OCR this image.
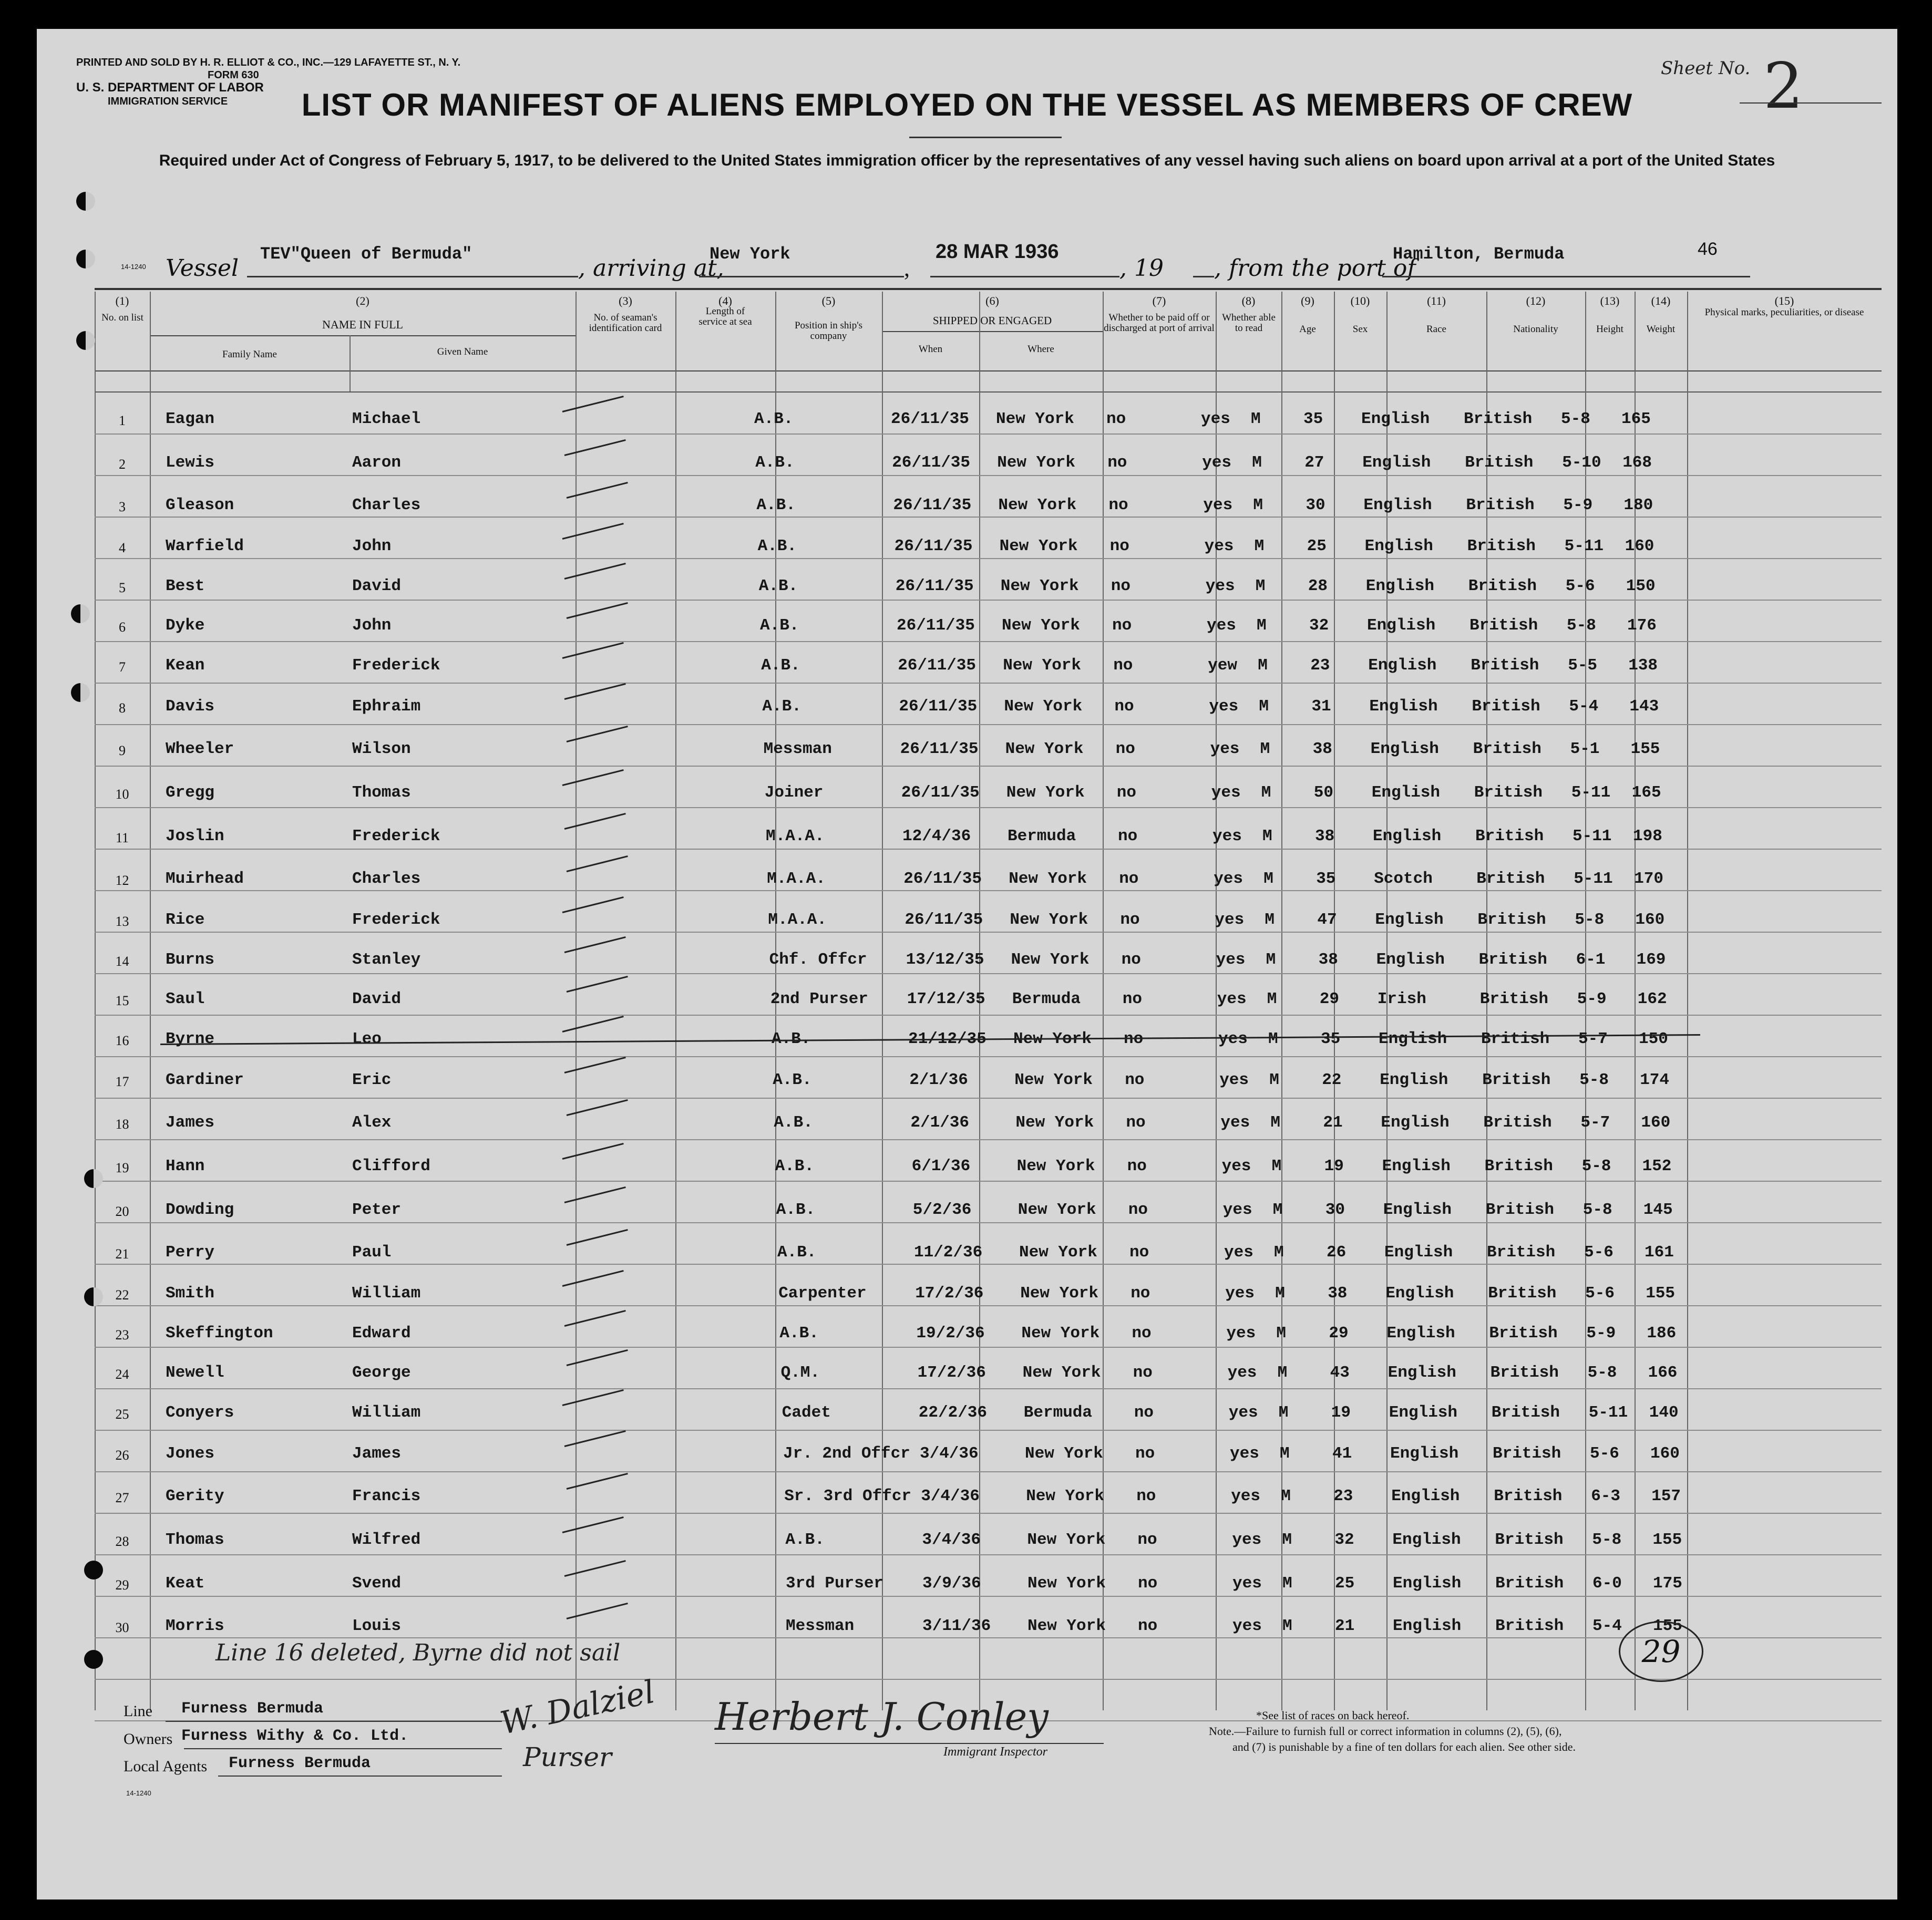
PRINTED AND SOLD BY H. R. ELLIOT & CO., INC.—129 LAFAYETTE ST., N. Y.
FORM 630
U. S. DEPARTMENT OF LABOR
IMMIGRATION SERVICE
Sheet No. 2
LIST OR MANIFEST OF ALIENS EMPLOYED ON THE VESSEL AS MEMBERS OF CREW
Required under Act of Congress of February 5, 1917, to be delivered to the United States immigration officer by the representatives of any vessel having such aliens on board upon arrival at a port of the United States
Vessel
TEV"Queen of Bermuda"
, arriving at,
New York
,
28 MAR 1936
, 19 , from the port of
Hamilton, Bermuda	46
14-1240
(1)	(2)	(3)	(4)	(5)	(6)	(7)	(8)	(9)	(10)	(11)	(12)	(13)	(14)	(15)
No. on list
NAME IN FULL
Family Name	Given Name
No. of seaman's identification card
Length of service at sea	Position in ship's company
SHIPPED OR ENGAGED
When	Where
Whether to be paid off or discharged at port of arrival
Whether able to read	Age	Sex	Race	Nationality	Height	Weight
Physical marks, peculiarities, or disease
1	Eagan	Michael	A.B.	26/11/35 New York no	yes M	35 English British 5-8 165
2	Lewis	Aaron	A.B.	26/11/35 New York no	yes M	27 English British 5-10 168
3	Gleason	Charles	A.B.	26/11/35 New York no	yes M	30 English British 5-9 180
4	Warfield	John	A.B.	26/11/35 New York no	yes M	25 English British 5-11 160
5	Best	David	A.B.	26/11/35 New York no	yes M	28 English British 5-6 150
6	Dyke	John	A.B.	26/11/35 New York no	yes M	32 English British 5-8 176
7	Kean	Frederick	A.B.	26/11/35 New York no	yew M	23 English British 5-5 138
8	Davis	Ephraim	A.B.	26/11/35 New York no	yes M	31 English British 5-4 143
9	Wheeler	Wilson	Messman	26/11/35 New York no	yes M	38 English British 5-1 155
10	Gregg	Thomas	Joiner	26/11/35 New York no	yes M	50 English British 5-11 165
11	Joslin	Frederick	M.A.A.	12/4/36 Bermuda	no	yes M	38 English British 5-11 198
12	Muirhead	Charles	M.A.A.	26/11/35 New York no	yes M	35 Scotch	British 5-11 170
13	Rice	Frederick	M.A.A.	26/11/35 New York no	yes M	47 English British 5-8 160
14	Burns	Stanley	Chf. Offcr 13/12/35 New York no	yes M	38 English British 6-1 169
15	Saul	David	2nd Purser 17/12/35 Bermuda	no	yes M	29 Irish	British 5-9 162
16	Byrne	Leo	A.B.	21/12/35 New York no	yes M	35 English British 5-7 150
17	Gardiner	Eric	A.B.	2/1/36	New York no	yes M	22 English British 5-8 174
18	James	Alex	A.B.	2/1/36	New York no	yes M	21 English British 5-7 160
19	Hann	Clifford	A.B.	6/1/36	New York no	yes M	19 English British 5-8 152
20	Dowding	Peter	A.B.	5/2/36	New York no	yes M	30 English British 5-8 145
21	Perry	Paul	A.B.	11/2/36 New York no	yes M	26 English British 5-6 161
22	Smith	William	Carpenter	17/2/36 New York no	yes M	38 English British 5-6 155
23	Skeffington	Edward	A.B.	19/2/36 New York no	yes M	29 English British 5-9 186
24	Newell	George	Q.M.	17/2/36 New York no	yes M	43 English British 5-8 166
25	Conyers	William	Cadet	22/2/36 Bermuda	no	yes M	19 English British 5-11 140
26	Jones	James	Jr. 2nd Offcr 3/4/36	New York no	yes M	41 English British 5-6 160
27	Gerity	Francis	Sr. 3rd Offcr 3/4/36	New York no	yes M	23 English British 6-3 157
28	Thomas	Wilfred	A.B.	3/4/36	New York no	yes M	32 English British 5-8 155
29	Keat	Svend	3rd Purser 3/9/36	New York no	yes M	25 English British 6-0 175
30	Morris	Louis	Messman	3/11/36 New York no	yes M	21 English British 5-4 155
Line 16 deleted, Byrne did not sail	29
Line Furness Bermuda
Owners Furness Withy & Co. Ltd.
Local Agents Furness Bermuda
W. Dalziel
Purser
Herbert J. Conley
Immigrant Inspector
*See list of races on back hereof.
Note.—Failure to furnish full or correct information in columns (2), (5), (6),
and (7) is punishable by a fine of ten dollars for each alien. See other side.
14-1240
